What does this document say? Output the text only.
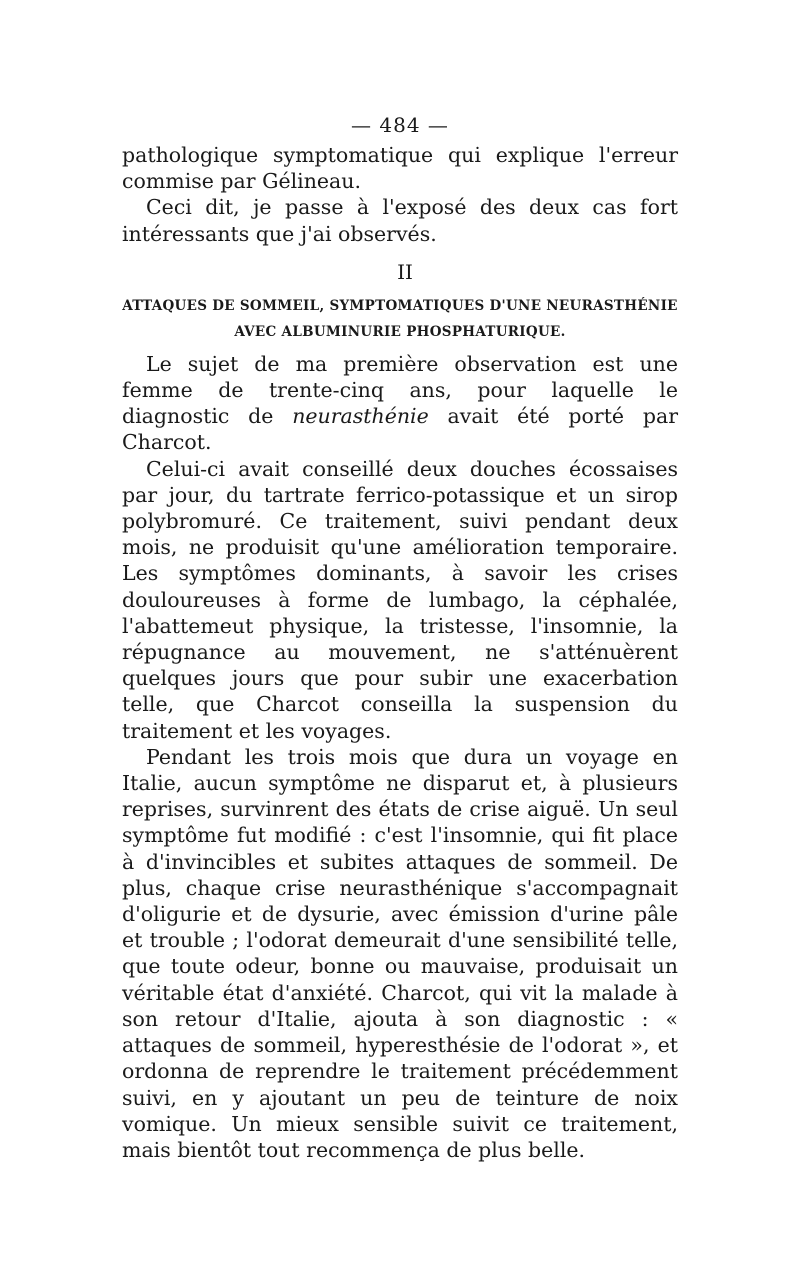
— 484 —

pathologique symptomatique qui explique l'erreur commise par Gélineau.

Ceci dit, je passe à l'exposé des deux cas fort intéressants que j'ai observés.

II
ATTAQUES DE SOMMEIL, SYMPTOMATIQUES D'UNE NEURASTHÉNIE
AVEC ALBUMINURIE PHOSPHATURIQUE.

Le sujet de ma première observation est une femme de trente-cinq ans, pour laquelle le diagnostic de neurasthénie avait été porté par Charcot.

Celui-ci avait conseillé deux douches écossaises par jour, du tartrate ferrico-potassique et un sirop polybromuré. Ce traitement, suivi pendant deux mois, ne produisit qu'une amélioration temporaire. Les symptômes dominants, à savoir les crises douloureuses à forme de lumbago, la céphalée, l'abattemeut physique, la tristesse, l'insomnie, la répugnance au mouvement, ne s'atténuèrent quelques jours que pour subir une exacerbation telle, que Charcot conseilla la suspension du traitement et les voyages.

Pendant les trois mois que dura un voyage en Italie, aucun symptôme ne disparut et, à plusieurs reprises, survinrent des états de crise aiguë. Un seul symptôme fut modifié : c'est l'insomnie, qui fit place à d'invincibles et subites attaques de sommeil. De plus, chaque crise neurasthénique s'accompagnait d'oligurie et de dysurie, avec émission d'urine pâle et trouble ; l'odorat demeurait d'une sensibilité telle, que toute odeur, bonne ou mauvaise, produisait un véritable état d'anxiété. Charcot, qui vit la malade à son retour d'Italie, ajouta à son diagnostic : « attaques de sommeil, hyperesthésie de l'odorat », et ordonna de reprendre le traitement précédemment suivi, en y ajoutant un peu de teinture de noix vomique. Un mieux sensible suivit ce traitement, mais bientôt tout recommença de plus belle.
